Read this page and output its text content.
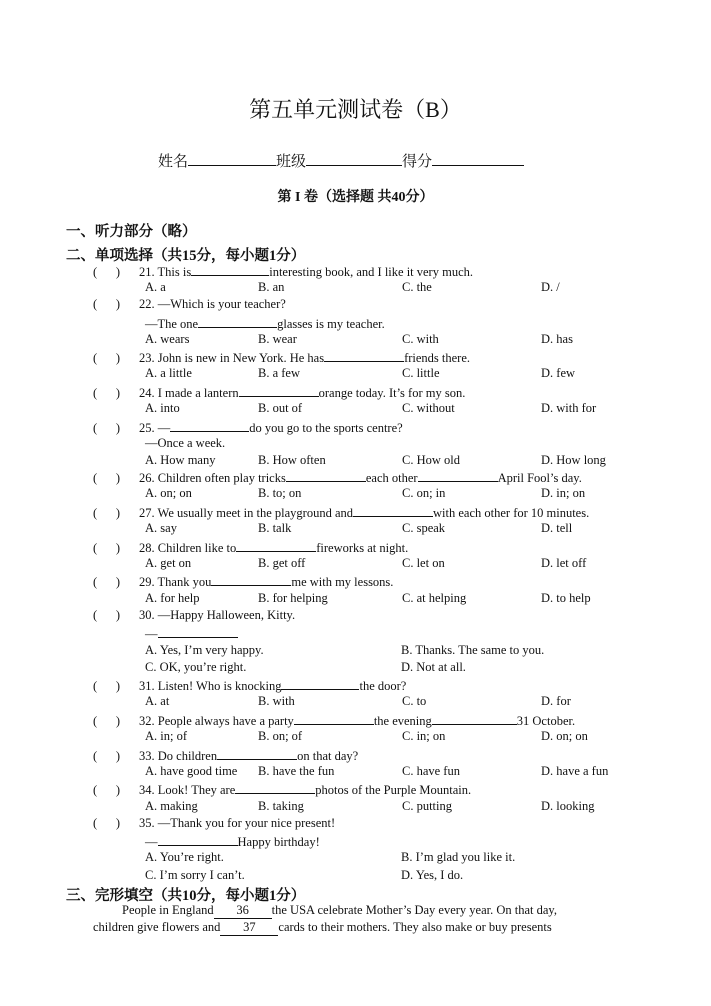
第五单元测试卷（B）
姓名	班级	得分
第 I 卷（选择题 共40分）
一、听力部分（略）
二、单项选择（共15分，每小题1分）
(      ) 21. This is	interesting book, and I like it very much.
A. a	B. an	C. the	D. /
(      ) 22. —Which is your teacher?
—The one	glasses is my teacher.
A. wears	B. wear	C. with	D. has
(      ) 23. John is new in New York. He has	friends there.
A. a little	B. a few	C. little	D. few
(      ) 24. I made a lantern	orange today. It’s for my son.
A. into	B. out of	C. without	D. with for
(      ) 25. —	do you go to the sports centre?
—Once a week.
A. How many	B. How often	C. How old	D. How long
(      ) 26. Children often play tricks	each other	April Fool’s day.
A. on; on	B. to; on	C. on; in	D. in; on
(      ) 27. We usually meet in the playground and	with each other for 10 minutes.
A. say	B. talk	C. speak	D. tell
(      ) 28. Children like to	fireworks at night.
A. get on	B. get off	C. let on	D. let off
(      ) 29. Thank you	me with my lessons.
A. for help	B. for helping	C. at helping	D. to help
(      ) 30. —Happy Halloween, Kitty.
—
A. Yes, I’m very happy.	B. Thanks. The same to you.
C. OK, you’re right.	D. Not at all.
(      ) 31. Listen! Who is knocking	the door?
A. at	B. with	C. to	D. for
(      ) 32. People always have a party	the evening	31 October.
A. in; of	B. on; of	C. in; on	D. on; on
(      ) 33. Do children	on that day?
A. have good time B. have the fun	C. have fun	D. have a fun
(      ) 34. Look! They are	photos of the Purple Mountain.
A. making	B. taking	C. putting	D. looking
(      ) 35. —Thank you for your nice present!
—	Happy birthday!
A. You’re right.	B. I’m glad you like it.
C. I’m sorry I can’t.	D. Yes, I do.
三、完形填空（共10分，每小题1分）
People in England 36 the USA celebrate Mother’s Day every year. On that day,
children give flowers and 37 cards to their mothers. They also make or buy presents
